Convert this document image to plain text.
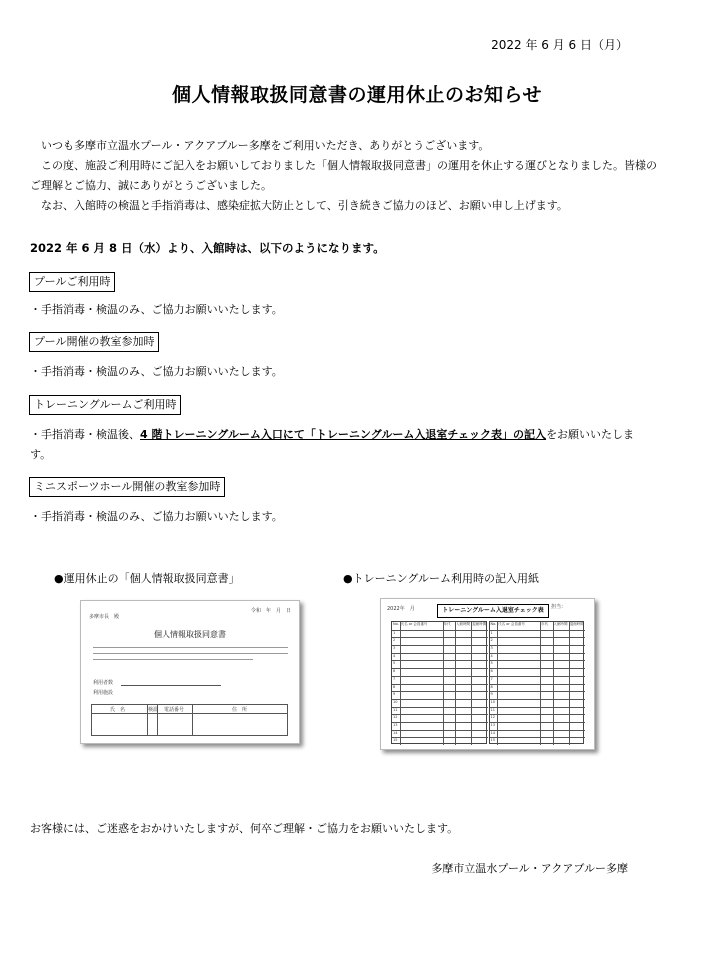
2022 年 6 月 6 日（月）
個人情報取扱同意書の運用休止のお知らせ
いつも多摩市立温水プール・アクアブルー多摩をご利用いただき、ありがとうございます。
この度、施設ご利用時にご記入をお願いしておりました「個人情報取扱同意書」の運用を休止する運びとなりました。皆様のご理解とご協力、誠にありがとうございました。
なお、入館時の検温と手指消毒は、感染症拡大防止として、引き続きご協力のほど、お願い申し上げます。
2022 年 6 月 8 日（水）より、入館時は、以下のようになります。
プールご利用時
・手指消毒・検温のみ、ご協力お願いいたします。
プール開催の教室参加時
・手指消毒・検温のみ、ご協力お願いいたします。
トレーニングルームご利用時
・手指消毒・検温後、4 階トレーニングルーム入口にて「トレーニングルーム入退室チェック表」の記入をお願いいたします。
ミニスポーツホール開催の教室参加時
・手指消毒・検温のみ、ご協力お願いいたします。
●運用休止の「個人情報取扱同意書」	●トレーニングルーム利用時の記入用紙
多摩市長　殿
令和　年　月　日
個人情報取扱同意書
利用者数
利用施設
氏　名	検温 電話番号	住　所
2022年　月	担当：
トレーニングルーム入退室チェック表
No. 氏名 or 会員番号	年代 入館時間 退館時間
1
2
3
4
5
6
7
8
9
10
11
12
13
14
15
No. 氏名 or 会員番号	年代 入館時間 退館時間
1
2
3
4
5
6
7
8
9
10
11
12
13
14
15
お客様には、ご迷惑をおかけいたしますが、何卒ご理解・ご協力をお願いいたします。
多摩市立温水プール・アクアブルー多摩
